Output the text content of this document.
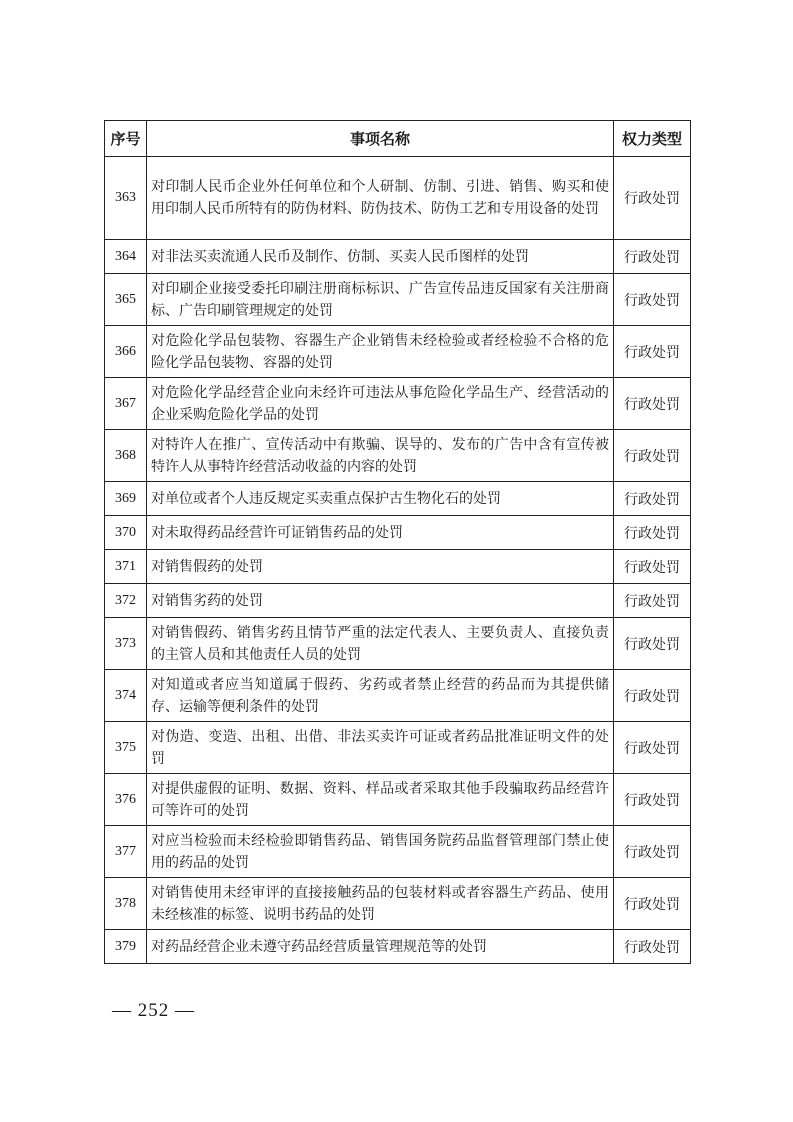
序号	事项名称	权力类型
363	对印制人民币企业外任何单位和个人研制、仿制、引进、销售、购买和使用印制人民币所特有的防伪材料、防伪技术、防伪工艺和专用设备的处罚	行政处罚
364	对非法买卖流通人民币及制作、仿制、买卖人民币图样的处罚	行政处罚
365	对印刷企业接受委托印刷注册商标标识、广告宣传品违反国家有关注册商标、广告印刷管理规定的处罚	行政处罚
366	对危险化学品包装物、容器生产企业销售未经检验或者经检验不合格的危险化学品包装物、容器的处罚	行政处罚
367	对危险化学品经营企业向未经许可违法从事危险化学品生产、经营活动的企业采购危险化学品的处罚	行政处罚
368	对特许人在推广、宣传活动中有欺骗、误导的、发布的广告中含有宣传被特许人从事特许经营活动收益的内容的处罚	行政处罚
369	对单位或者个人违反规定买卖重点保护古生物化石的处罚	行政处罚
370	对未取得药品经营许可证销售药品的处罚	行政处罚
371	对销售假药的处罚	行政处罚
372	对销售劣药的处罚	行政处罚
373	对销售假药、销售劣药且情节严重的法定代表人、主要负责人、直接负责的主管人员和其他责任人员的处罚	行政处罚
374	对知道或者应当知道属于假药、劣药或者禁止经营的药品而为其提供储存、运输等便利条件的处罚	行政处罚
375	对伪造、变造、出租、出借、非法买卖许可证或者药品批准证明文件的处罚	行政处罚
376	对提供虚假的证明、数据、资料、样品或者采取其他手段骗取药品经营许可等许可的处罚	行政处罚
377	对应当检验而未经检验即销售药品、销售国务院药品监督管理部门禁止使用的药品的处罚	行政处罚
378	对销售使用未经审评的直接接触药品的包装材料或者容器生产药品、使用未经核准的标签、说明书药品的处罚	行政处罚
379	对药品经营企业未遵守药品经营质量管理规范等的处罚	行政处罚
— 252 —
